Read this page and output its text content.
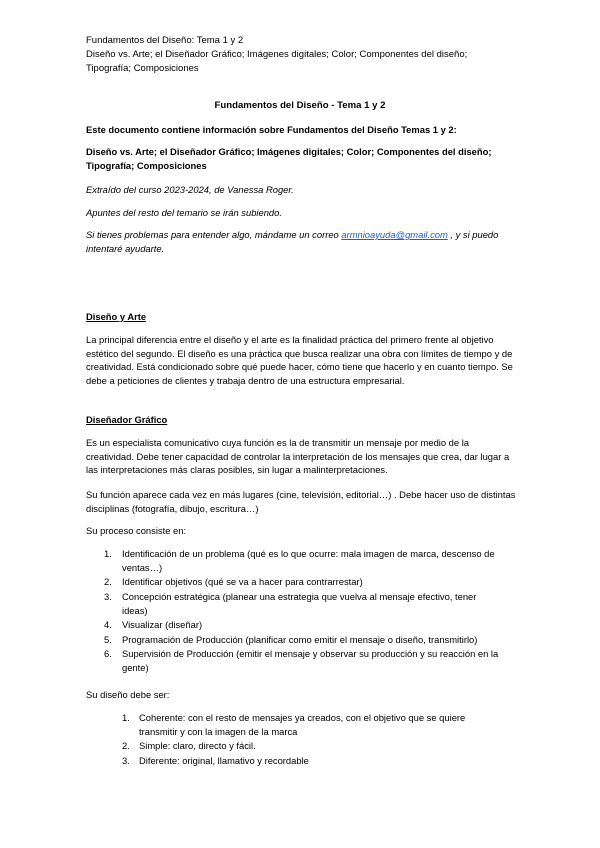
Fundamentos del Diseño: Tema 1 y 2
Diseño vs. Arte; el Diseñador Gráfico; Imágenes digitales; Color; Componentes del diseño;
Tipografía; Composiciones
Fundamentos del Diseño - Tema 1 y 2
Este documento contiene información sobre Fundamentos del Diseño Temas 1 y 2:
Diseño vs. Arte; el Diseñador Gráfico; Imágenes digitales; Color; Componentes del diseño; Tipografía; Composiciones
Extraído del curso 2023-2024, de Vanessa Roger.
Apuntes del resto del temario se irán subiendo.
Si tienes problemas para entender algo, mándame un correo armnioayuda@gmail.com , y si puedo intentaré ayudarte.
Diseño y Arte
La principal diferencia entre el diseño y el arte es la finalidad práctica del primero frente al objetivo estético del segundo. El diseño es una práctica que busca realizar una obra con límites de tiempo y de creatividad. Está condicionado sobre qué puede hacer, cómo tiene que hacerlo y en cuanto tiempo. Se debe a peticiones de clientes y trabaja dentro de una estructura empresarial.
Diseñador Gráfico
Es un especialista comunicativo cuya función es la de transmitir un mensaje por medio de la creatividad. Debe tener capacidad de controlar la interpretación de los mensajes que crea, dar lugar a las interpretaciones más claras posibles, sin lugar a malinterpretaciones.
Su función aparece cada vez en más lugares (cine, televisión, editorial…) . Debe hacer uso de distintas disciplinas (fotografía, dibujo, escritura…)
Su proceso consiste en:
1. Identificación de un problema (qué es lo que ocurre: mala imagen de marca, descenso de ventas…)
2. Identificar objetivos (qué se va a hacer para contrarrestar)
3. Concepción estratégica (planear una estrategia que vuelva al mensaje efectivo, tener ideas)
4. Visualizar (diseñar)
5. Programación de Producción (planificar como emitir el mensaje o diseño, transmitirlo)
6. Supervisión de Producción (emitir el mensaje y observar su producción y su reacción en la gente)
Su diseño debe ser:
1. Coherente: con el resto de mensajes ya creados, con el objetivo que se quiere transmitir y con la imagen de la marca
2. Simple: claro, directo y fácil.
3. Diferente: original, llamativo y recordable
